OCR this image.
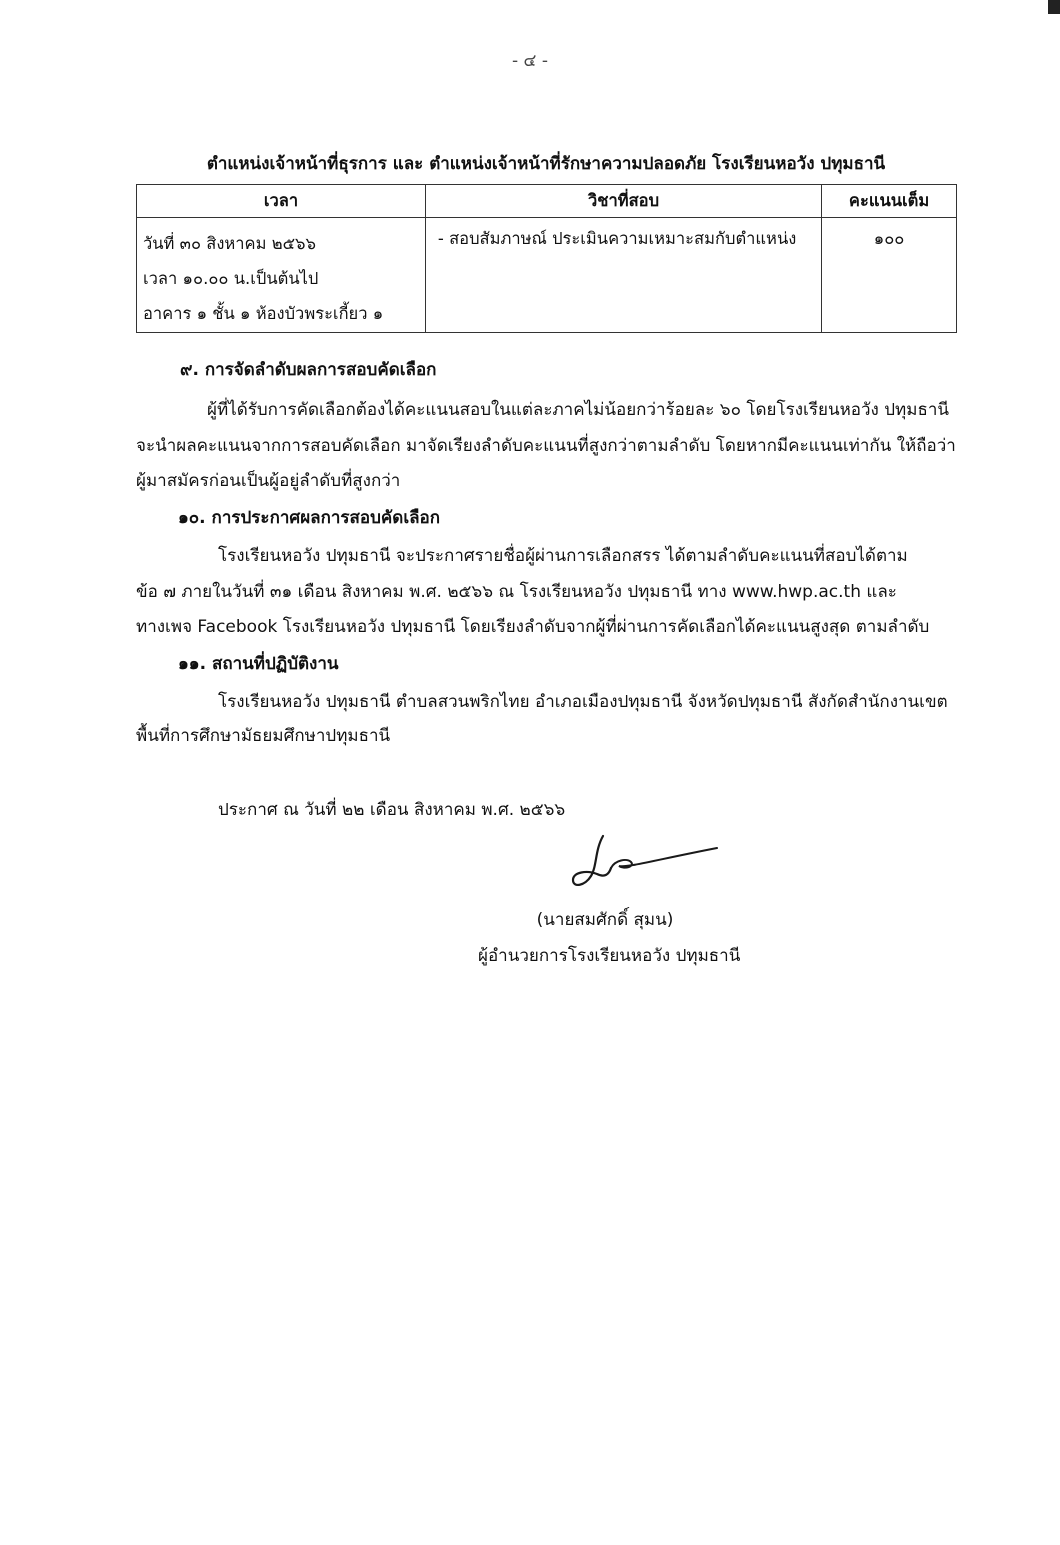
- ๔ -
ตำแหน่งเจ้าหน้าที่ธุรการ และ ตำแหน่งเจ้าหน้าที่รักษาความปลอดภัย โรงเรียนหอวัง ปทุมธานี
เวลา	วิชาที่สอบ	คะแนนเต็ม

วันที่ ๓๐ สิงหาคม ๒๕๖๖
เวลา ๑๐.๐๐ น.เป็นต้นไป
อาคาร ๑ ชั้น ๑ ห้องบัวพระเกี้ยว ๑	- สอบสัมภาษณ์ ประเมินความเหมาะสมกับตำแหน่ง	๑๐๐
๙. การจัดลำดับผลการสอบคัดเลือก
ผู้ที่ได้รับการคัดเลือกต้องได้คะแนนสอบในแต่ละภาคไม่น้อยกว่าร้อยละ ๖๐ โดยโรงเรียนหอวัง ปทุมธานี
จะนำผลคะแนนจากการสอบคัดเลือก มาจัดเรียงลำดับคะแนนที่สูงกว่าตามลำดับ โดยหากมีคะแนนเท่ากัน ให้ถือว่า
ผู้มาสมัครก่อนเป็นผู้อยู่ลำดับที่สูงกว่า
๑๐. การประกาศผลการสอบคัดเลือก
โรงเรียนหอวัง ปทุมธานี จะประกาศรายชื่อผู้ผ่านการเลือกสรร ได้ตามลำดับคะแนนที่สอบได้ตาม
ข้อ ๗ ภายในวันที่ ๓๑ เดือน สิงหาคม พ.ศ. ๒๕๖๖ ณ โรงเรียนหอวัง ปทุมธานี ทาง www.hwp.ac.th และ
ทางเพจ Facebook โรงเรียนหอวัง ปทุมธานี โดยเรียงลำดับจากผู้ที่ผ่านการคัดเลือกได้คะแนนสูงสุด ตามลำดับ
๑๑. สถานที่ปฏิบัติงาน
โรงเรียนหอวัง ปทุมธานี ตำบลสวนพริกไทย อำเภอเมืองปทุมธานี จังหวัดปทุมธานี สังกัดสำนักงานเขต
พื้นที่การศึกษามัธยมศึกษาปทุมธานี
ประกาศ ณ วันที่ ๒๒ เดือน สิงหาคม พ.ศ. ๒๕๖๖
(นายสมศักดิ์ สุมน)
ผู้อำนวยการโรงเรียนหอวัง ปทุมธานี
